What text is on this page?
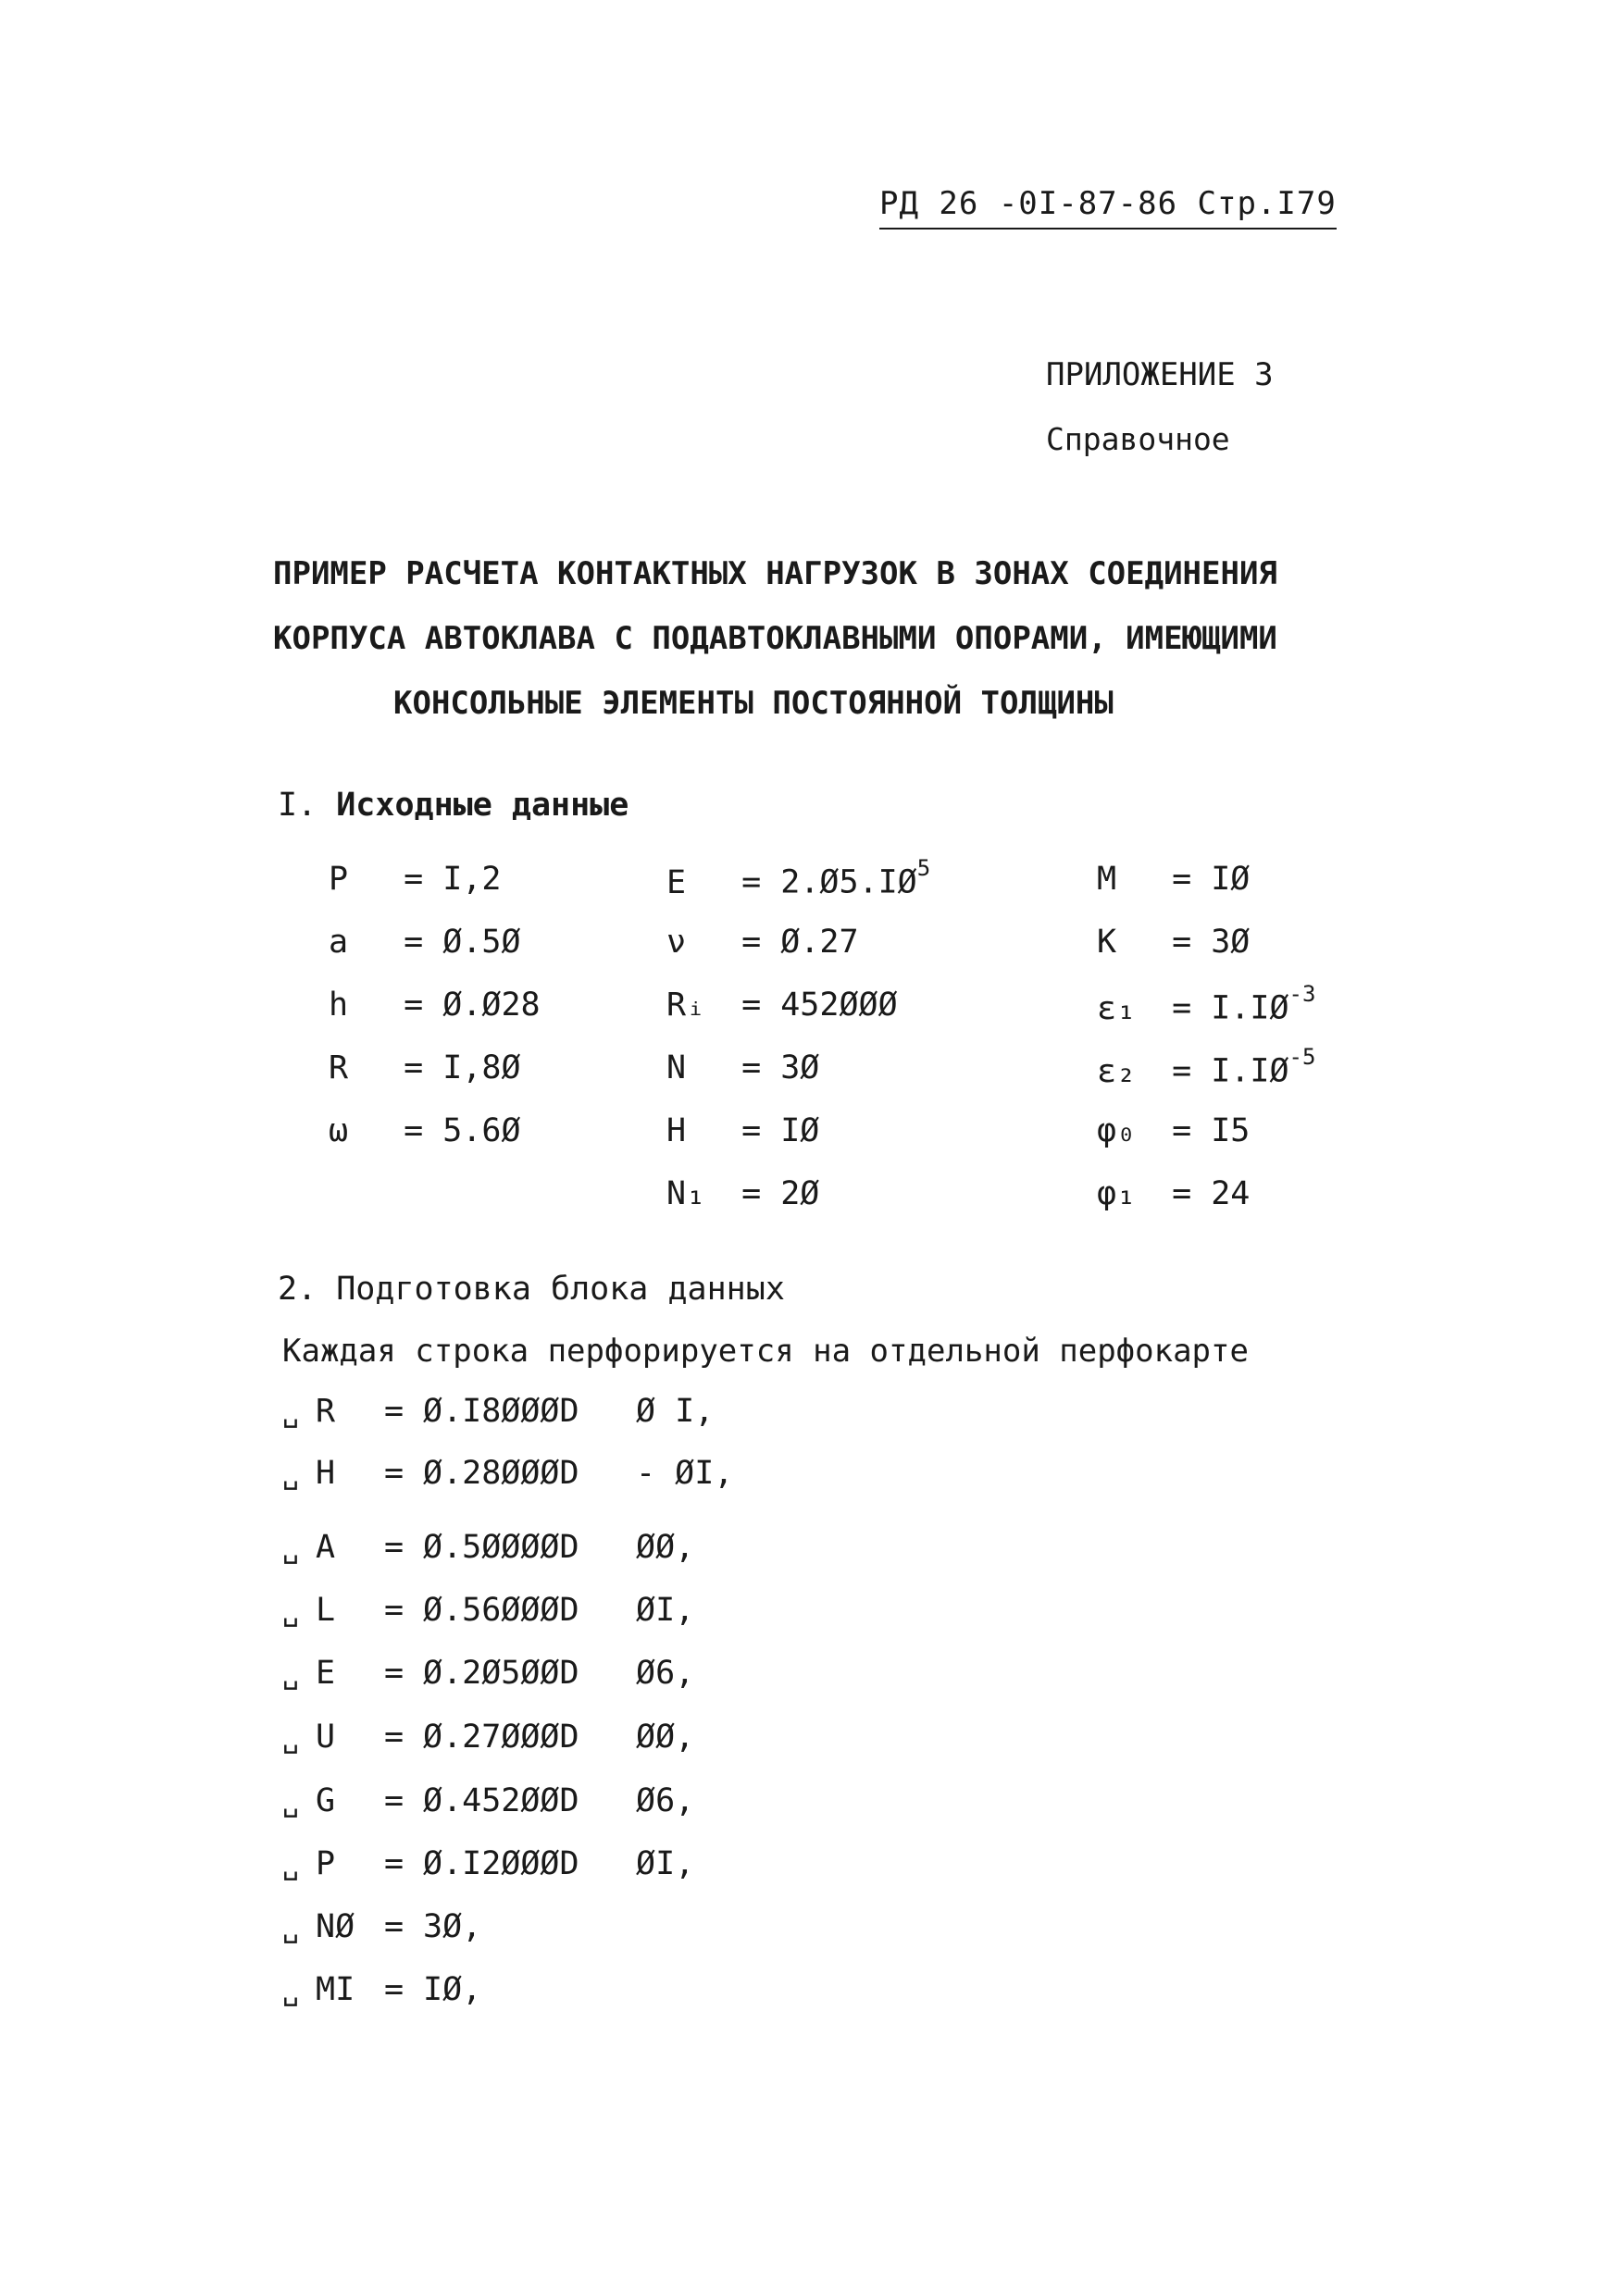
РД 26 -0I-87-86 Стр.I79
ПРИЛОЖЕНИЕ 3
Справочное
ПРИМЕР РАСЧЕТА КОНТАКТНЫХ НАГРУЗОК В ЗОНАХ СОЕДИНЕНИЯ
КОРПУСА АВТОКЛАВА С ПОДАВТОКЛАВНЫМИ ОПОРАМИ, ИМЕЮЩИМИ
КОНСОЛЬНЫЕ ЭЛЕМЕНТЫ ПОСТОЯННОЙ ТОЛЩИНЫ
I. Исходные данные
P = I,2
a = Ø.5Ø
h = Ø.Ø28
R = I,8Ø
ω = 5.6Ø
$E = 2.Ø5.IØ^5$
ν = Ø.27
Rᵢ = 452ØØØ
N = 3Ø
H = IØ
N₁ = 2Ø
M = IØ
K = 3Ø
$\varepsilon_1 = I.IØ^{-3}$
$\varepsilon_2 = I.IØ^{-5}$
φ₀ = I5
φ₁ = 24
2. Подготовка блока данных
Каждая строка перфорируется на отдельной перфокарте
␣ R = Ø.I8ØØØD Ø I,
␣ H = Ø.28ØØØD - ØI,
␣ A = Ø.5ØØØØD ØØ,
␣ L = Ø.56ØØØD ØI,
␣ E = Ø.2Ø5ØØD Ø6,
␣ U = Ø.27ØØØD ØØ,
␣ G = Ø.452ØØD Ø6,
␣ P = Ø.I2ØØØD ØI,
␣ NØ = 3Ø,
␣ MI = IØ,
